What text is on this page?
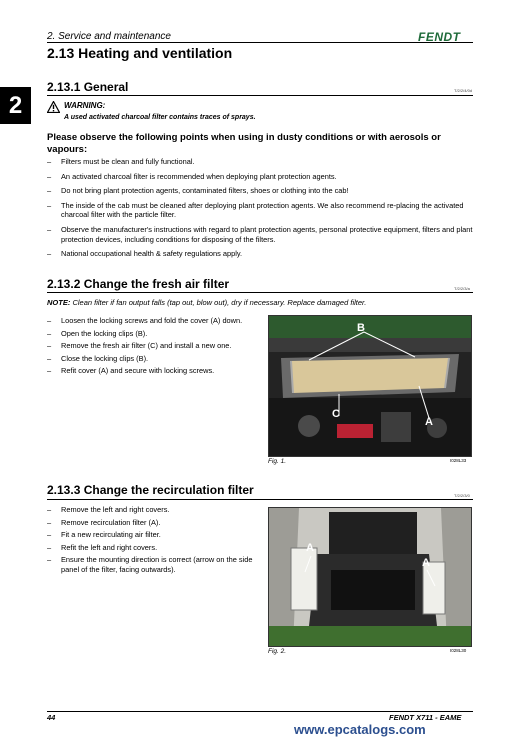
2. Service and maintenance	FENDT
2
2.13 Heating and ventilation
2.13.1 General	T/2/2/4/0d
WARNING:
A used activated charcoal filter contains traces of sprays.
Please observe the following points when using in dusty conditions or with aerosols or vapours:
– Filters must be clean and fully functional.
– An activated charcoal filter is recommended when deploying plant protection agents.
– Do not bring plant protection agents, contaminated filters, shoes or clothing into the cab!
– The inside of the cab must be cleaned after deploying plant protection agents. We also recommend re-placing the activated charcoal filter with the particle filter.
– Observe the manufacturer's instructions with regard to plant protection agents, personal protective equipment, filters and plant protection devices, including conditions for disposing of the filters.
– National occupational health & safety regulations apply.
2.13.2 Change the fresh air filter	T/2/2/3/a
NOTE: Clean filter if fan output falls (tap out, blow out), dry if necessary. Replace damaged filter.
– Loosen the locking screws and fold the cover (A) down.
– Open the locking clips (B).
– Remove the fresh air filter (C) and install a new one.
– Close the locking clips (B).
– Refit cover (A) and secure with locking screws.
B
C
A
Fig. 1.	I028L33
2.13.3 Change the recirculation filter	T/2/2/3/0
– Remove the left and right covers.
– Remove recirculation filter (A).
– Fit a new recirculating air filter.
– Refit the left and right covers.
– Ensure the mounting direction is correct (arrow on the side panel of the filter, facing outwards).
A
A
Fig. 2.	I028L30
44	FENDT X711 - EAME
www.epcatalogs.com
